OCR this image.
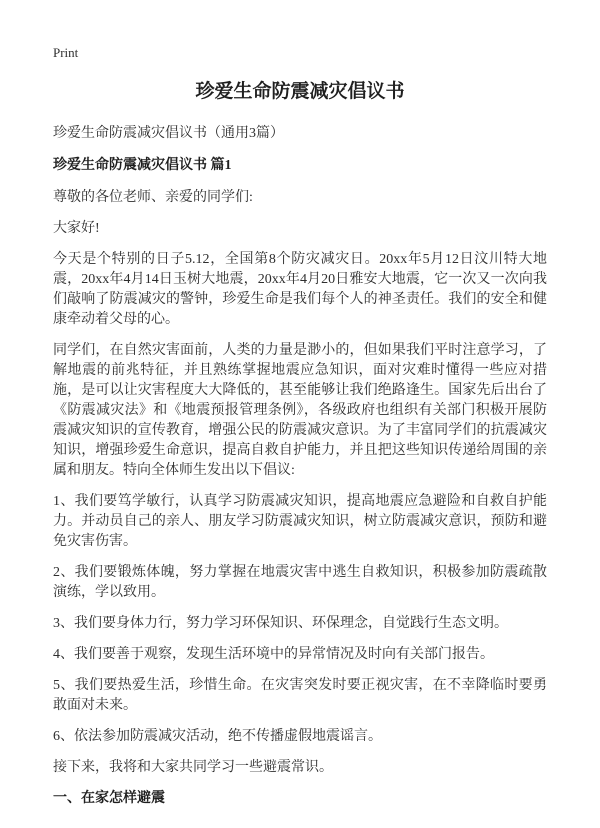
Print
珍爱生命防震减灾倡议书

珍爱生命防震减灾倡议书（通用3篇）

珍爱生命防震减灾倡议书 篇1

尊敬的各位老师、亲爱的同学们:

大家好!

今天是个特别的日子5.12，全国第8个防灾减灾日。20xx年5月12日汶川特大地震，20xx年4月14日玉树大地震，20xx年4月20日雅安大地震，它一次又一次向我们敲响了防震减灾的警钟，珍爱生命是我们每个人的神圣责任。我们的安全和健康牵动着父母的心。

同学们，在自然灾害面前，人类的力量是渺小的，但如果我们平时注意学习，了解地震的前兆特征，并且熟练掌握地震应急知识，面对灾难时懂得一些应对措施，是可以让灾害程度大大降低的，甚至能够让我们绝路逢生。国家先后出台了《防震减灾法》和《地震预报管理条例》，各级政府也组织有关部门积极开展防震减灾知识的宣传教育，增强公民的防震减灾意识。为了丰富同学们的抗震减灾知识，增强珍爱生命意识，提高自救自护能力，并且把这些知识传递给周围的亲属和朋友。特向全体师生发出以下倡议:

1、我们要笃学敏行，认真学习防震减灾知识，提高地震应急避险和自救自护能力。并动员自己的亲人、朋友学习防震减灾知识，树立防震减灾意识，预防和避免灾害伤害。

2、我们要锻炼体魄，努力掌握在地震灾害中逃生自救知识，积极参加防震疏散演练，学以致用。

3、我们要身体力行，努力学习环保知识、环保理念，自觉践行生态文明。

4、我们要善于观察，发现生活环境中的异常情况及时向有关部门报告。

5、我们要热爱生活，珍惜生命。在灾害突发时要正视灾害，在不幸降临时要勇敢面对未来。

6、依法参加防震减灾活动，绝不传播虚假地震谣言。

接下来，我将和大家共同学习一些避震常识。

一、在家怎样避震
